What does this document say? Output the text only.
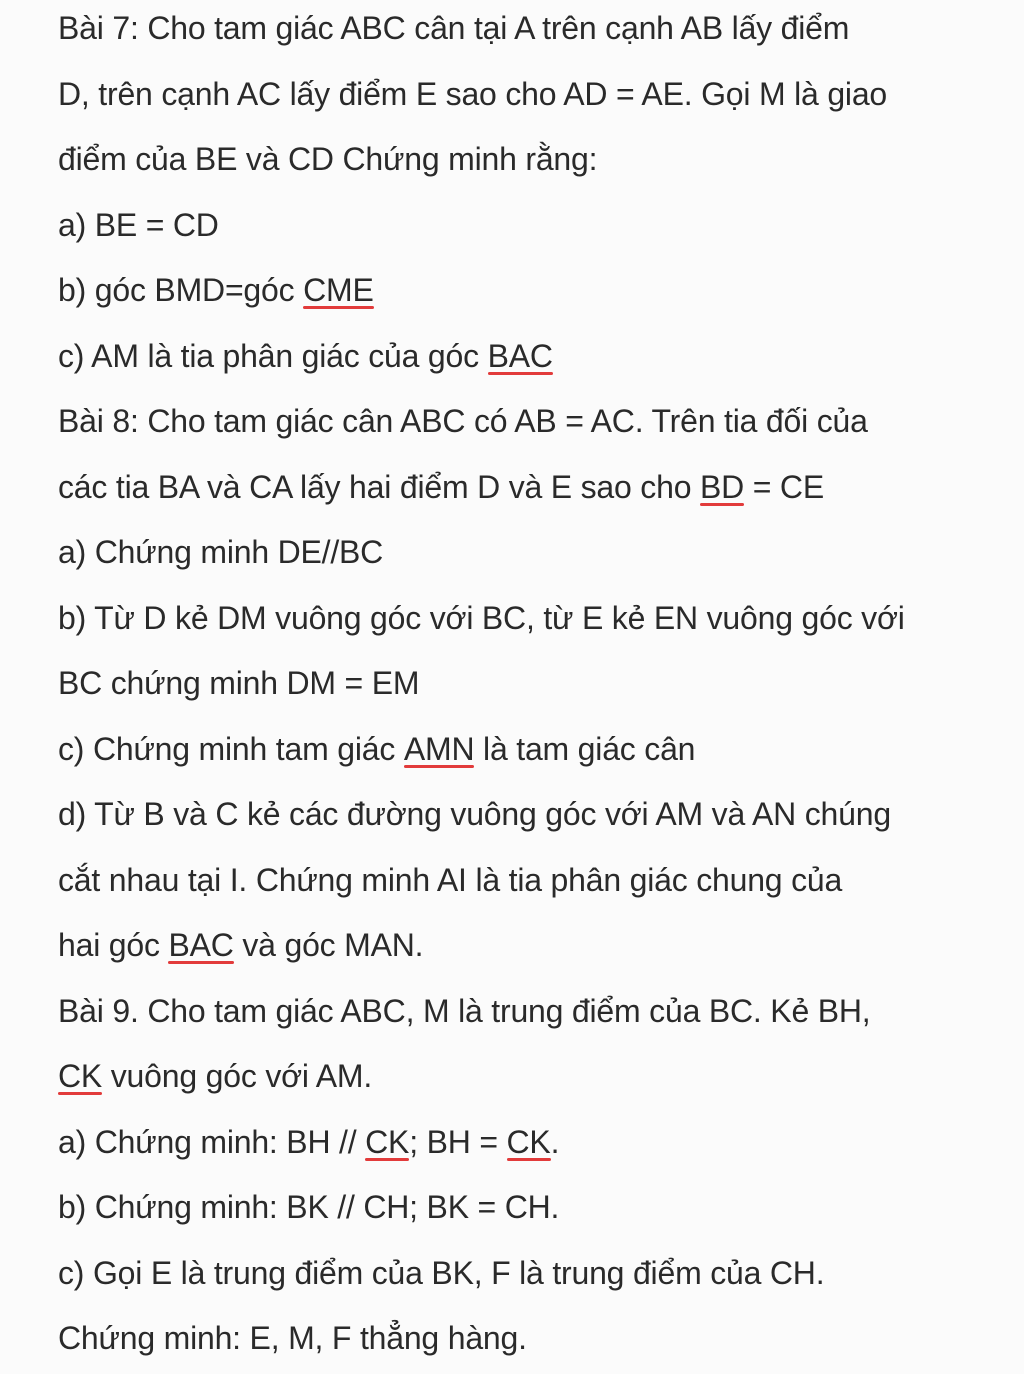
Bài 7: Cho tam giác ABC cân tại A trên cạnh AB lấy điểm
D, trên cạnh AC lấy điểm E sao cho AD = AE. Gọi M là giao
điểm của BE và CD Chứng minh rằng:
a) BE = CD
b) góc BMD=góc CME
c) AM là tia phân giác của góc BAC
Bài 8: Cho tam giác cân ABC có AB = AC. Trên tia đối của
các tia BA và CA lấy hai điểm D và E sao cho BD = CE
a) Chứng minh DE//BC
b) Từ D kẻ DM vuông góc với BC, từ E kẻ EN vuông góc với
BC chứng minh DM = EM
c) Chứng minh tam giác AMN là tam giác cân
d) Từ B và C kẻ các đường vuông góc với AM và AN chúng
cắt nhau tại I. Chứng minh AI là tia phân giác chung của
hai góc BAC và góc MAN.
Bài 9. Cho tam giác ABC, M là trung điểm của BC. Kẻ BH,
CK vuông góc với AM.
a) Chứng minh: BH // CK; BH = CK.
b) Chứng minh: BK // CH; BK = CH.
c) Gọi E là trung điểm của BK, F là trung điểm của CH.
Chứng minh: E, M, F thẳng hàng.
